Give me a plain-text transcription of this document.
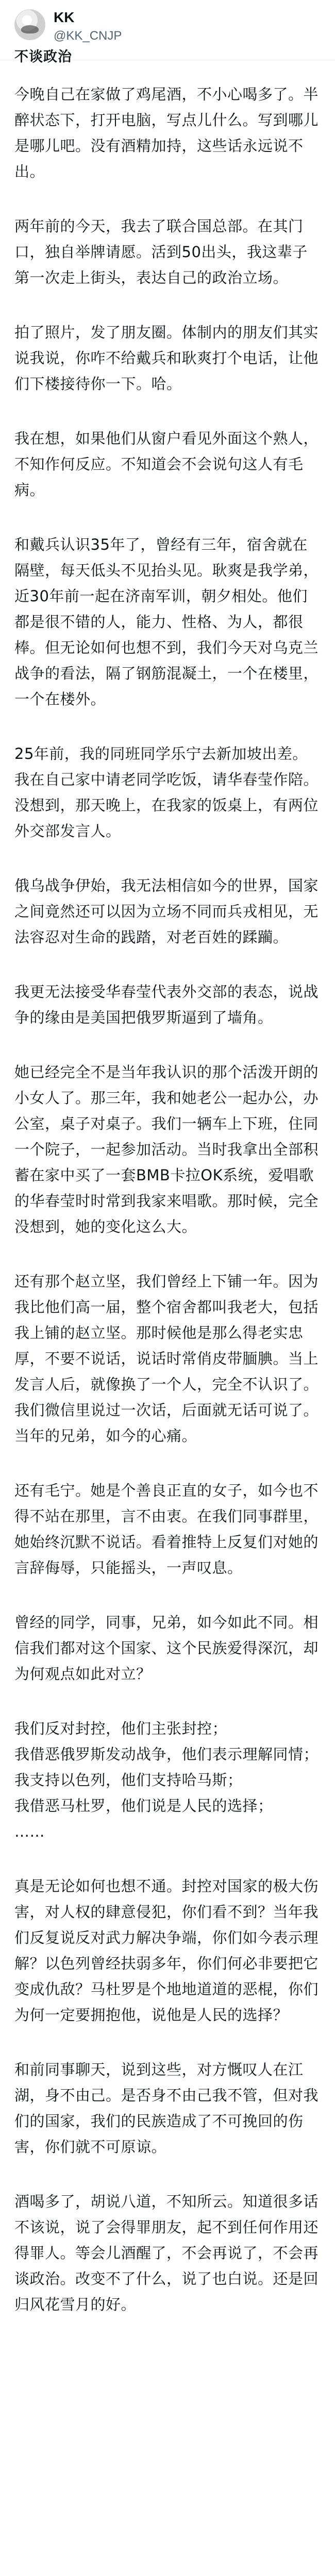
KK
@KK_CNJP
不谈政治

今晚自己在家做了鸡尾酒，不小心喝多了。半醉状态下，打开电脑，写点儿什么。写到哪儿是哪儿吧。没有酒精加持，这些话永远说不出。

两年前的今天，我去了联合国总部。在其门口，独自举牌请愿。活到50出头，我这辈子第一次走上街头，表达自己的政治立场。

拍了照片，发了朋友圈。体制内的朋友们其实说我说，你咋不给戴兵和耿爽打个电话，让他们下楼接待你一下。哈。

我在想，如果他们从窗户看见外面这个熟人，不知作何反应。不知道会不会说句这人有毛病。

和戴兵认识35年了，曾经有三年，宿舍就在隔壁，每天低头不见抬头见。耿爽是我学弟，近30年前一起在济南军训，朝夕相处。他们都是很不错的人，能力、性格、为人，都很棒。但无论如何也想不到，我们今天对乌克兰战争的看法，隔了钢筋混凝土，一个在楼里，一个在楼外。

25年前，我的同班同学乐宁去新加坡出差。我在自己家中请老同学吃饭，请华春莹作陪。没想到，那天晚上，在我家的饭桌上，有两位外交部发言人。

俄乌战争伊始，我无法相信如今的世界，国家之间竟然还可以因为立场不同而兵戎相见，无法容忍对生命的践踏，对老百姓的蹂躏。

我更无法接受华春莹代表外交部的表态，说战争的缘由是美国把俄罗斯逼到了墙角。

她已经完全不是当年我认识的那个活泼开朗的小女人了。那三年，我和她老公一起办公，办公室，桌子对桌子。我们一辆车上下班，住同一个院子，一起参加活动。当时我拿出全部积蓄在家中买了一套BMB卡拉OK系统，爱唱歌的华春莹时时常到我家来唱歌。那时候，完全没想到，她的变化这么大。

还有那个赵立坚，我们曾经上下铺一年。因为我比他们高一届，整个宿舍都叫我老大，包括我上铺的赵立坚。那时候他是那么得老实忠厚，不要不说话，说话时常俏皮带腼腆。当上发言人后，就像换了一个人，完全不认识了。我们微信里说过一次话，后面就无话可说了。当年的兄弟，如今的心痛。

还有毛宁。她是个善良正直的女子，如今也不得不站在那里，言不由衷。在我们同事群里，她始终沉默不说话。看着推特上反复们对她的言辞侮辱，只能摇头，一声叹息。

曾经的同学，同事，兄弟，如今如此不同。相信我们都对这个国家、这个民族爱得深沉，却为何观点如此对立？

我们反对封控，他们主张封控；
我借恶俄罗斯发动战争，他们表示理解同情；
我支持以色列，他们支持哈马斯；
我借恶马杜罗，他们说是人民的选择；
……

真是无论如何也想不通。封控对国家的极大伤害，对人权的肆意侵犯，你们看不到？当年我们反复说反对武力解决争端，你们如今表示理解？以色列曾经扶弱多年，你们何必非要把它变成仇敌？马杜罗是个地地道道的恶棍，你们为何一定要拥抱他，说他是人民的选择？

和前同事聊天，说到这些，对方慨叹人在江湖，身不由己。是否身不由己我不管，但对我们的国家，我们的民族造成了不可挽回的伤害，你们就不可原谅。

酒喝多了，胡说八道，不知所云。知道很多话不该说，说了会得罪朋友，起不到任何作用还得罪人。等会儿酒醒了，不会再说了，不会再谈政治。改变不了什么，说了也白说。还是回归风花雪月的好。
